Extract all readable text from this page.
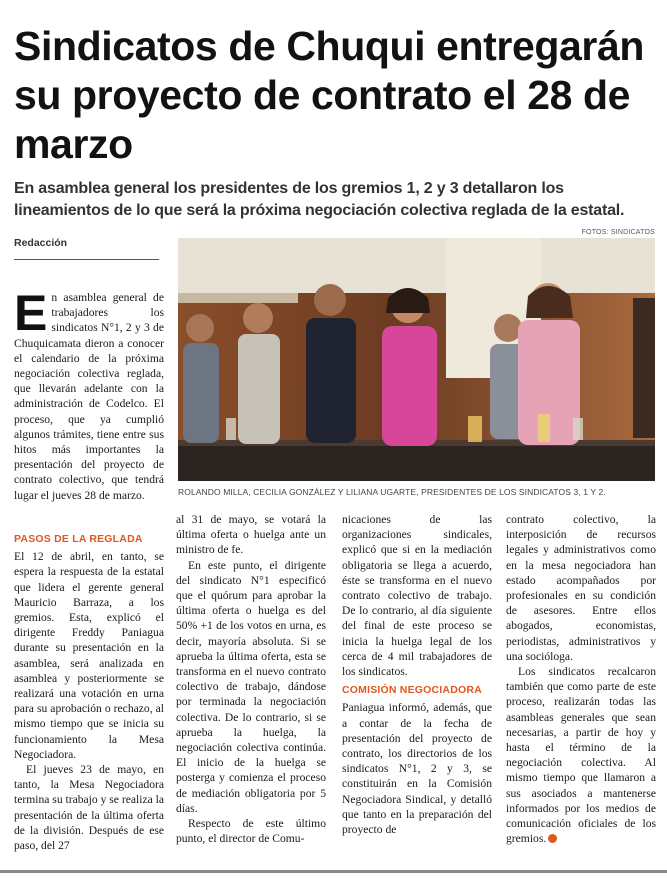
Sindicatos de Chuqui entregarán su proyecto de contrato el 28 de marzo
En asamblea general los presidentes de los gremios 1, 2 y 3 detallaron los lineamientos de lo que será la próxima negociación colectiva reglada de la estatal.
Redacción
FOTOS: SINDICATOS
ROLANDO MILLA, CECILIA GONZÁLEZ Y LILIANA UGARTE, PRESIDENTES DE LOS SINDICATOS 3, 1 Y 2.
E n asamblea general de trabajadores los sindicatos N°1, 2 y 3 de Chuquicamata dieron a conocer el calendario de la próxima negociación colectiva reglada, que llevarán adelante con la administración de Codelco. El proceso, que ya cumplió algunos trámites, tiene entre sus hitos más importantes la presentación del proyecto de contrato colectivo, que tendrá lugar el jueves 28 de marzo.

PASOS DE LA REGLADA

El 12 de abril, en tanto, se espera la respuesta de la estatal que lidera el gerente general Mauricio Barraza, a los gremios. Esta, explicó el dirigente Freddy Paniagua durante su presentación en la asamblea, será analizada en asamblea y posteriormente se realizará una votación en urna para su aprobación o rechazo, al mismo tiempo que se inicia su funcionamiento la Mesa Negociadora.

El jueves 23 de mayo, en tanto, la Mesa Negociadora termina su trabajo y se realiza la presentación de la última oferta de la división. Después de ese paso, del 27

al 31 de mayo, se votará la última oferta o huelga ante un ministro de fe.

En este punto, el dirigente del sindicato N°1 especificó que el quórum para aprobar la última oferta o huelga es del 50% +1 de los votos en urna, es decir, mayoría absoluta. Si se aprueba la última oferta, esta se transforma en el nuevo contrato colectivo de trabajo, dándose por terminada la negociación colectiva. De lo contrario, si se aprueba la huelga, la negociación colectiva continúa. El inicio de la huelga se posterga y comienza el proceso de mediación obligatoria por 5 días.

Respecto de este último punto, el director de Comu-

nicaciones de las organizaciones sindicales, explicó que si en la mediación obligatoria se llega a acuerdo, éste se transforma en el nuevo contrato colectivo de trabajo. De lo contrario, al día siguiente del final de este proceso se inicia la huelga legal de los cerca de 4 mil trabajadores de los sindicatos.

COMISIÓN NEGOCIADORA

Paniagua informó, además, que a contar de la fecha de presentación del proyecto de contrato, los directorios de los sindicatos N°1, 2 y 3, se constituirán en la Comisión Negociadora Sindical, y detalló que tanto en la preparación del proyecto de

contrato colectivo, la interposición de recursos legales y administrativos como en la mesa negociadora han estado acompañados por profesionales en su condición de asesores. Entre ellos abogados, economistas, periodistas, administrativos y una socióloga.

Los sindicatos recalcaron también que como parte de este proceso, realizarán todas las asambleas generales que sean necesarias, a partir de hoy y hasta el término de la negociación colectiva. Al mismo tiempo que llamaron a sus asociados a mantenerse informados por los medios de comunicación oficiales de los gremios.
